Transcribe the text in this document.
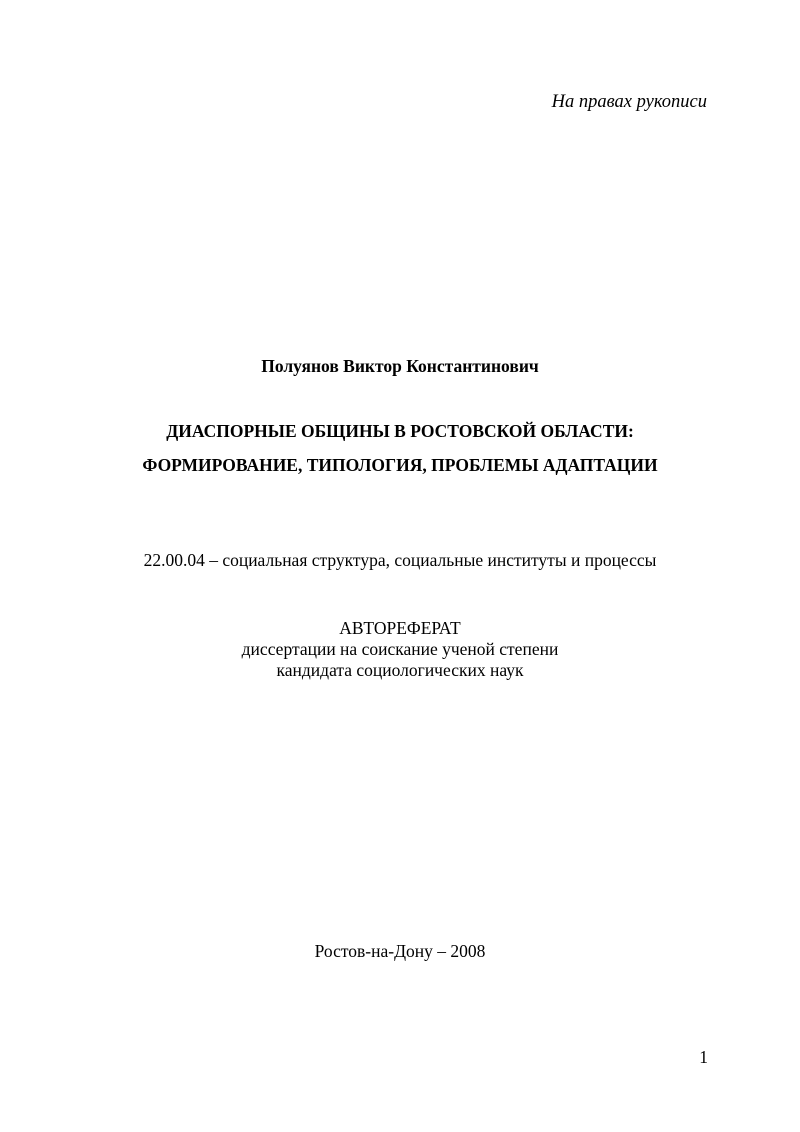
На правах рукописи

Полуянов Виктор Константинович

ДИАСПОРНЫЕ ОБЩИНЫ В РОСТОВСКОЙ ОБЛАСТИ:

ФОРМИРОВАНИЕ, ТИПОЛОГИЯ, ПРОБЛЕМЫ АДАПТАЦИИ

22.00.04 – социальная структура, социальные институты и процессы

АВТОРЕФЕРАТ

диссертации на соискание ученой степени

кандидата социологических наук

Ростов-на-Дону – 2008

1
